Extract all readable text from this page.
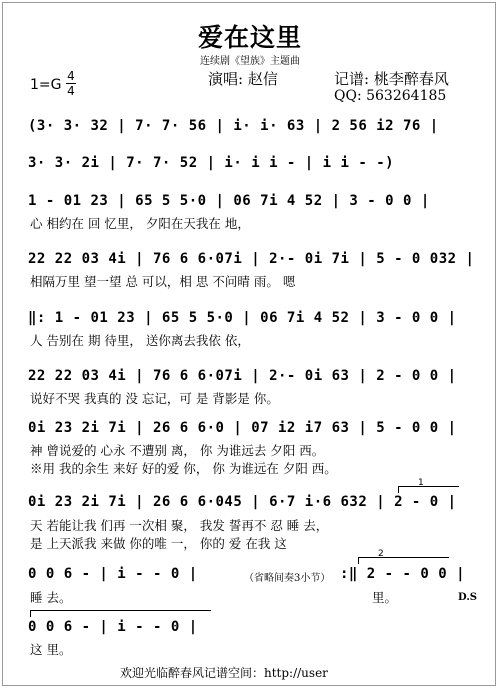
爱在这里
连续剧《望族》主题曲
1=G
4
4
演唱: 赵信	记谱: 桃李醉春风
QQ: 563264185
(3· 3· 32 | 7· 7· 56 | i· i· 63 | 2 56 i2 76 |
3· 3· 2i | 7· 7· 52 | i· i i - | i i - -)
1 - 01 23 | 65 5 5·0 | 06 7i 4 52 | 3 - 0 0 |
心 相约在 回 忆里， 夕阳在天我在 地，
22 22 03 4i | 76 6 6·07i | 2·- 0i 7i | 5 - 0 032 |
相隔万里 望一望 总 可以，相 思 不问晴 雨。 嗯
‖: 1 - 01 23 | 65 5 5·0 | 06 7i 4 52 | 3 - 0 0 |
人 告别在 期 待里， 送你离去我依 依，
22 22 03 4i | 76 6 6·07i | 2·- 0i 63 | 2 - 0 0 |
说好不哭 我真的 没 忘记，可 是 背影是 你。
0i 23 2i 7i | 26 6 6·0 | 07 i2 i7 63 | 5 - 0 0 |
神 曾说爱的 心永 不遭别 离， 你 为谁远去 夕阳 西。
※用 我的余生 来好 好的爱 你， 你 为谁远在 夕阳 西。
0i 23 2i 7i | 26 6 6·045 | 6·7 i·6 632 | 2 - 0 |
天 若能让我 们再 一次相 聚， 我发 誓再不 忍 睡 去，
是 上天派我 来做 你的唯 一， 你的 爱 在我 这
1
0 0 6 - | i - - 0 |
睡 去。
（省略间奏3小节） :‖ 2 - - 0 0 |
里。
2
D.S
0 0 6 - | i - - 0 |
这 里。
欢迎光临醉春风记谱空间：http://user
